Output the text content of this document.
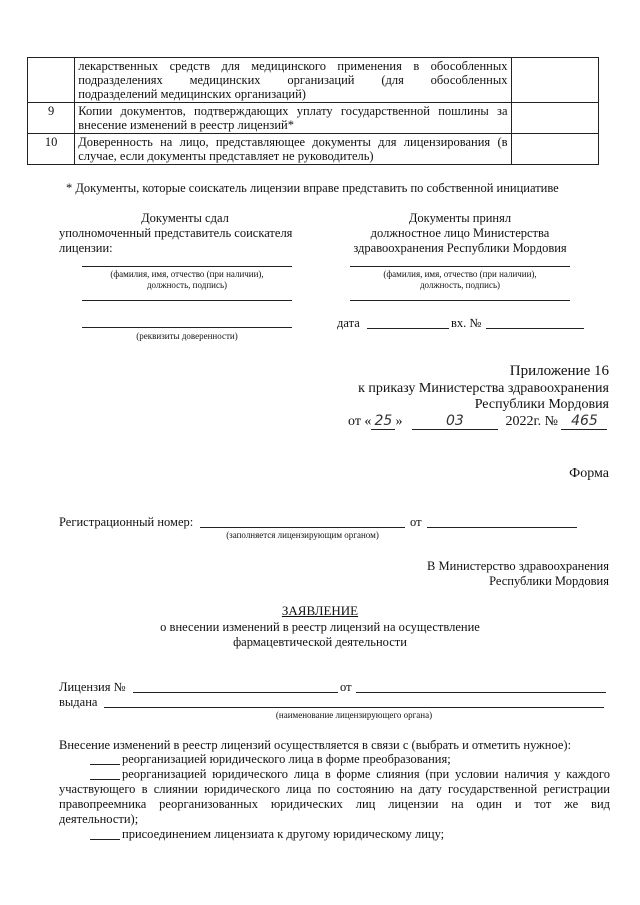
	лекарственных средств для медицинского применения в обособленных
подразделениях медицинских организаций (для обособленных
подразделений медицинских организаций)	

9	Копии документов, подтверждающих уплату государственной пошлины за
внесение изменений в реестр лицензий*	

10	Доверенность на лицо, представляющее документы для лицензирования (в
случае, если документы представляет не руководитель)	

* Документы, которые соискатель лицензии вправе представить по собственной инициативе
Документы сдал
уполномоченный представитель соискателя
лицензии:
(фамилия, имя, отчество (при наличии),
должность, подпись)
(реквизиты доверенности)
Документы принял
должностное лицо Министерства
здравоохранения Республики Мордовия
(фамилия, имя, отчество (при наличии),
должность, подпись)
дата	вх. №
Приложение 16
к приказу Министерства здравоохранения
Республики Мордовия
от « 25 »	03	2022г. № 465
Форма
Регистрационный номер:	от
(заполняется лицензирующим органом)
В Министерство здравоохранения
Республики Мордовия
ЗАЯВЛЕНИЕ
о внесении изменений в реестр лицензий на осуществление
фармацевтической деятельности
Лицензия №	от
выдана
(наименование лицензирующего органа)
Внесение изменений в реестр лицензий осуществляется в связи с (выбрать и отметить нужное):
реорганизацией юридического лица в форме преобразования;
реорганизацией юридического лица в форме слияния (при условии наличия у каждого
участвующего в слиянии юридического лица по состоянию на дату государственной регистрации
правопреемника реорганизованных юридических лиц лицензии на один и тот же вид
деятельности);
присоединением лицензиата к другому юридическому лицу;
